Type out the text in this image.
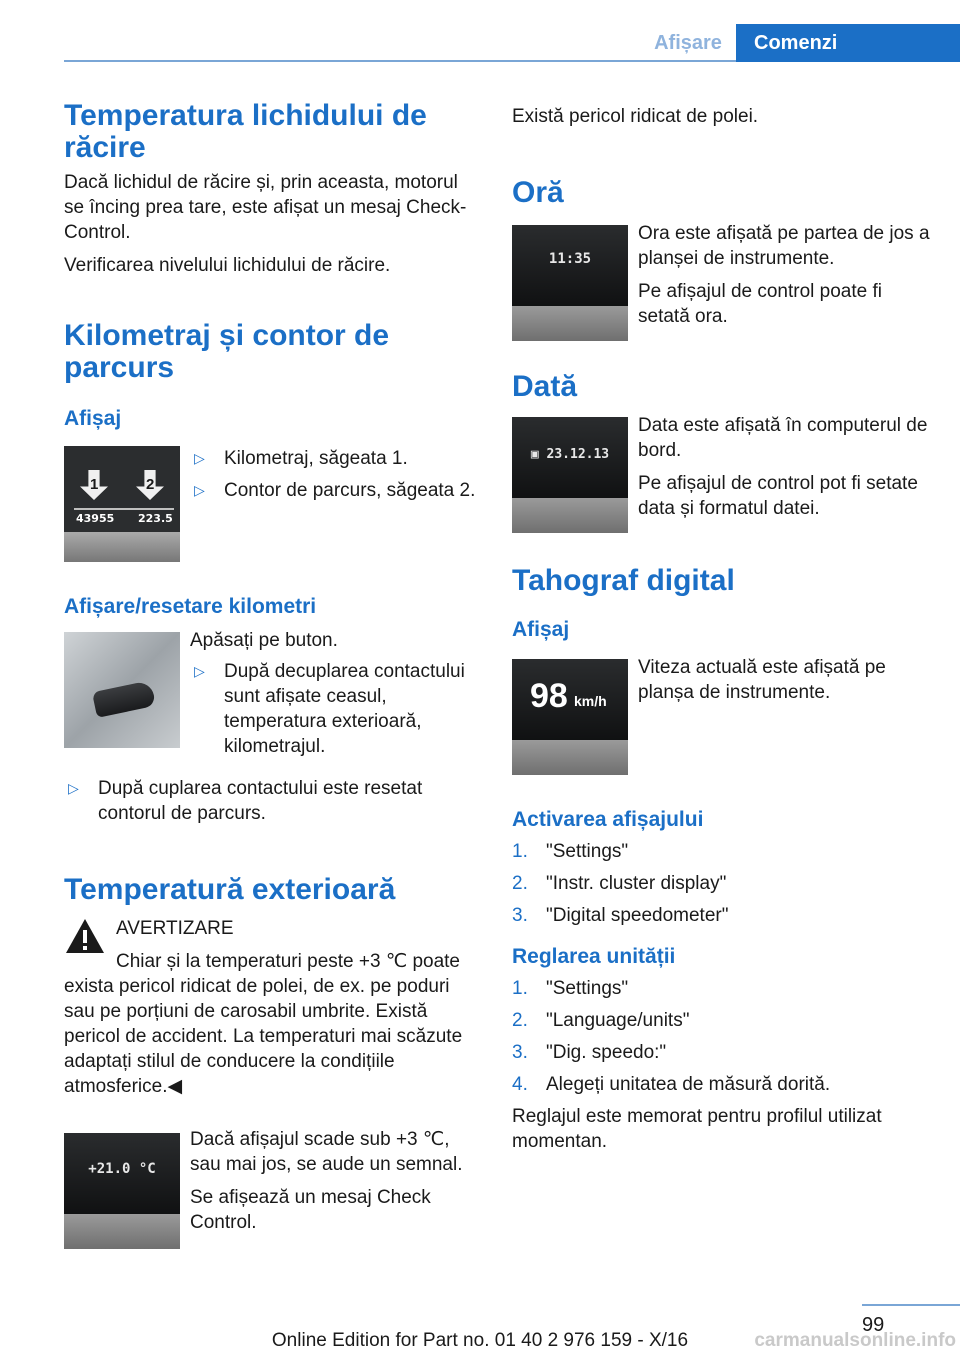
Afișare	Comenzi
Temperatura lichidului de răcire

Dacă lichidul de răcire și, prin aceasta, motorul se încing prea tare, este afișat un mesaj Check-Control.

Verificarea nivelului lichidului de răcire.

Kilometraj și contor de parcurs
Afișaj
1	2
43955 223.5
▷ Kilometraj, săgeata 1.
▷ Contor de parcurs, săgeata 2.
Afișare/resetare kilometri

Apăsați pe buton.

▷ După decuplarea contactului sunt afișate ceasul, temperatura exterioară, kilometrajul.
▷ După cuplarea contactului este resetat contorul de parcurs.
Temperatură exterioară

AVERTIZARE

Chiar și la temperaturi peste +3 ℃ poate exista pericol ridicat de polei, de ex. pe poduri sau pe porțiuni de carosabil umbrite. Există pericol de accident. La temperaturi mai scăzute adaptați stilul de conducere la condițiile atmosferice.◀

+21.0 °C

Dacă afișajul scade sub +3 ℃, sau mai jos, se aude un semnal.

Se afișează un mesaj Check Control.

Există pericol ridicat de polei.

Oră
11:35

Ora este afișată pe partea de jos a planșei de instrumente.

Pe afișajul de control poate fi setată ora.

Dată
▣ 23.12.13

Data este afișată în computerul de bord.

Pe afișajul de control pot fi setate data și formatul datei.

Tahograf digital
Afișaj
98 km/h

Viteza actuală este afișată pe planșa de instrumente.

Activarea afișajului
1. "Settings"
2. "Instr. cluster display"
3. "Digital speedometer"
Reglarea unității
1. "Settings"
2. "Language/units"
3. "Dig. speedo:"
4. Alegeți unitatea de măsură dorită.

Reglajul este memorat pentru profilul utilizat momentan.

99
Online Edition for Part no. 01 40 2 976 159 - X/16	carmanualsonline.info
